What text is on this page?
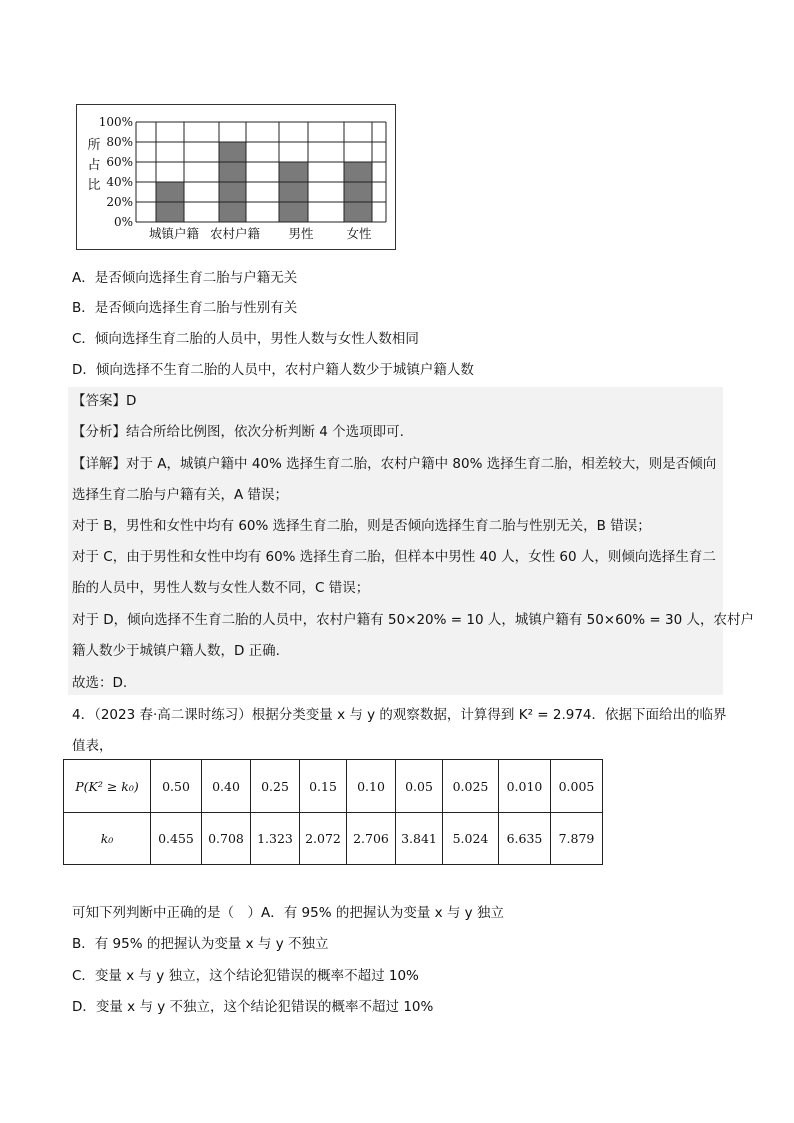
100%
80%
60%
40%
20%
0%
所
占
比
城镇户籍 农村户籍 男性	女性
A．是否倾向选择生育二胎与户籍无关
B．是否倾向选择生育二胎与性别有关
C．倾向选择生育二胎的人员中，男性人数与女性人数相同
D．倾向选择不生育二胎的人员中，农村户籍人数少于城镇户籍人数
【答案】D
【分析】结合所给比例图，依次分析判断 4 个选项即可.
【详解】对于 A，城镇户籍中 40% 选择生育二胎，农村户籍中 80% 选择生育二胎，相差较大，则是否倾向
选择生育二胎与户籍有关，A 错误；
对于 B，男性和女性中均有 60% 选择生育二胎，则是否倾向选择生育二胎与性别无关，B 错误；
对于 C，由于男性和女性中均有 60% 选择生育二胎，但样本中男性 40 人，女性 60 人，则倾向选择生育二
胎的人员中，男性人数与女性人数不同，C 错误；
对于 D，倾向选择不生育二胎的人员中，农村户籍有 50×20% = 10 人，城镇户籍有 50×60% = 30 人，农村户
籍人数少于城镇户籍人数，D 正确.
故选：D.
4．（2023 春·高二课时练习）根据分类变量 x 与 y 的观察数据，计算得到 K² = 2.974．依据下面给出的临界
值表，
P(K² ≥ k₀)	0.50	0.40	0.25	0.15	0.10	0.05	0.025	0.010	0.005
k₀	0.455	0.708	1.323	2.072	2.706	3.841	5.024	6.635	7.879
可知下列判断中正确的是（　）A．有 95% 的把握认为变量 x 与 y 独立
B．有 95% 的把握认为变量 x 与 y 不独立
C．变量 x 与 y 独立，这个结论犯错误的概率不超过 10%
D．变量 x 与 y 不独立，这个结论犯错误的概率不超过 10%
